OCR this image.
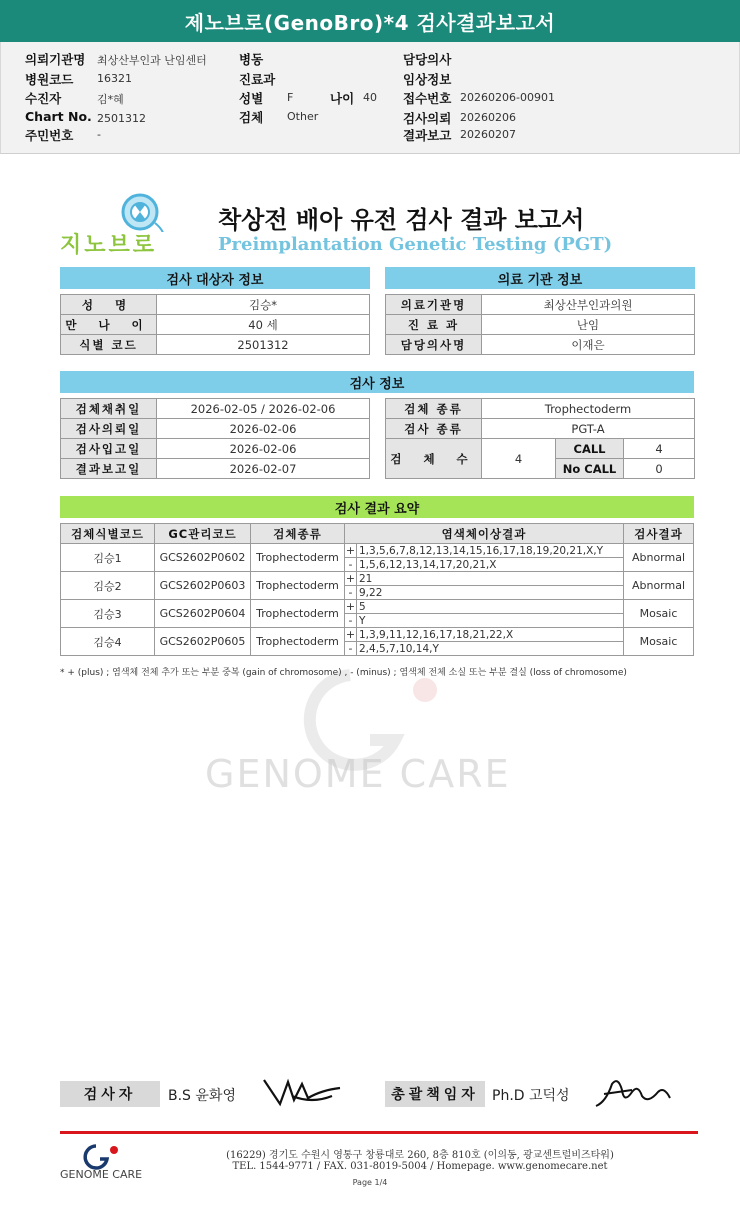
제노브로(GenoBro)*4 검사결과보고서
의뢰기관명 최상산부인과 난임센터
병원코드 16321
수진자	김*혜
Chart No. 2501312
주민번호 -
병동
진료과
성별 F	나이 40
검체 Other
담당의사
임상정보
접수번호 20260206-00901
검사의뢰 20260206
결과보고 20260207
지노브로
착상전 배아 유전 검사 결과 보고서
Preimplantation Genetic Testing (PGT)
검사 대상자 정보
성 명	김승*
만 나 이	40 세
식별 코드	2501312
의료 기관 정보
의료기관명	최상산부인과의원
진 료 과	난임
담당의사명	이재은
검사 정보
검체채취일	2026-02-05 / 2026-02-06
검사의뢰일	2026-02-06
검사입고일	2026-02-06
결과보고일	2026-02-07
검체 종류	Trophectoderm		
검사 종류	PGT-A		
검 체 수	4	CALL	4
		No CALL	0
검사 결과 요약
검체식별코드	GC관리코드	검체종류	염색체이상결과		검사결과
김승1	GCS2602P0602	Trophectoderm	+	1,3,5,6,7,8,12,13,14,15,16,17,18,19,20,21,X,Y	Abnormal
			-	1,5,6,12,13,14,17,20,21,X	
김승2	GCS2602P0603	Trophectoderm	+	21	Abnormal
			-	9,22	
김승3	GCS2602P0604	Trophectoderm	+	5	Mosaic
			-	Y	
김승4	GCS2602P0605	Trophectoderm	+	1,3,9,11,12,16,17,18,21,22,X	Mosaic
			-	2,4,5,7,10,14,Y	
* + (plus) ; 염색체 전체 추가 또는 부분 중복 (gain of chromosome) , - (minus) ; 염색체 전체 소실 또는 부분 결실 (loss of chromosome)
GENOME CARE
검사자	B.S 윤화영	총괄책임자 Ph.D 고덕성
GENOME CARE
(16229) 경기도 수원시 영통구 창룡대로 260, 8층 810호 (이의동, 광교센트럴비즈타워)
TEL. 1544-9771 / FAX. 031-8019-5004 / Homepage. www.genomecare.net
Page 1/4
